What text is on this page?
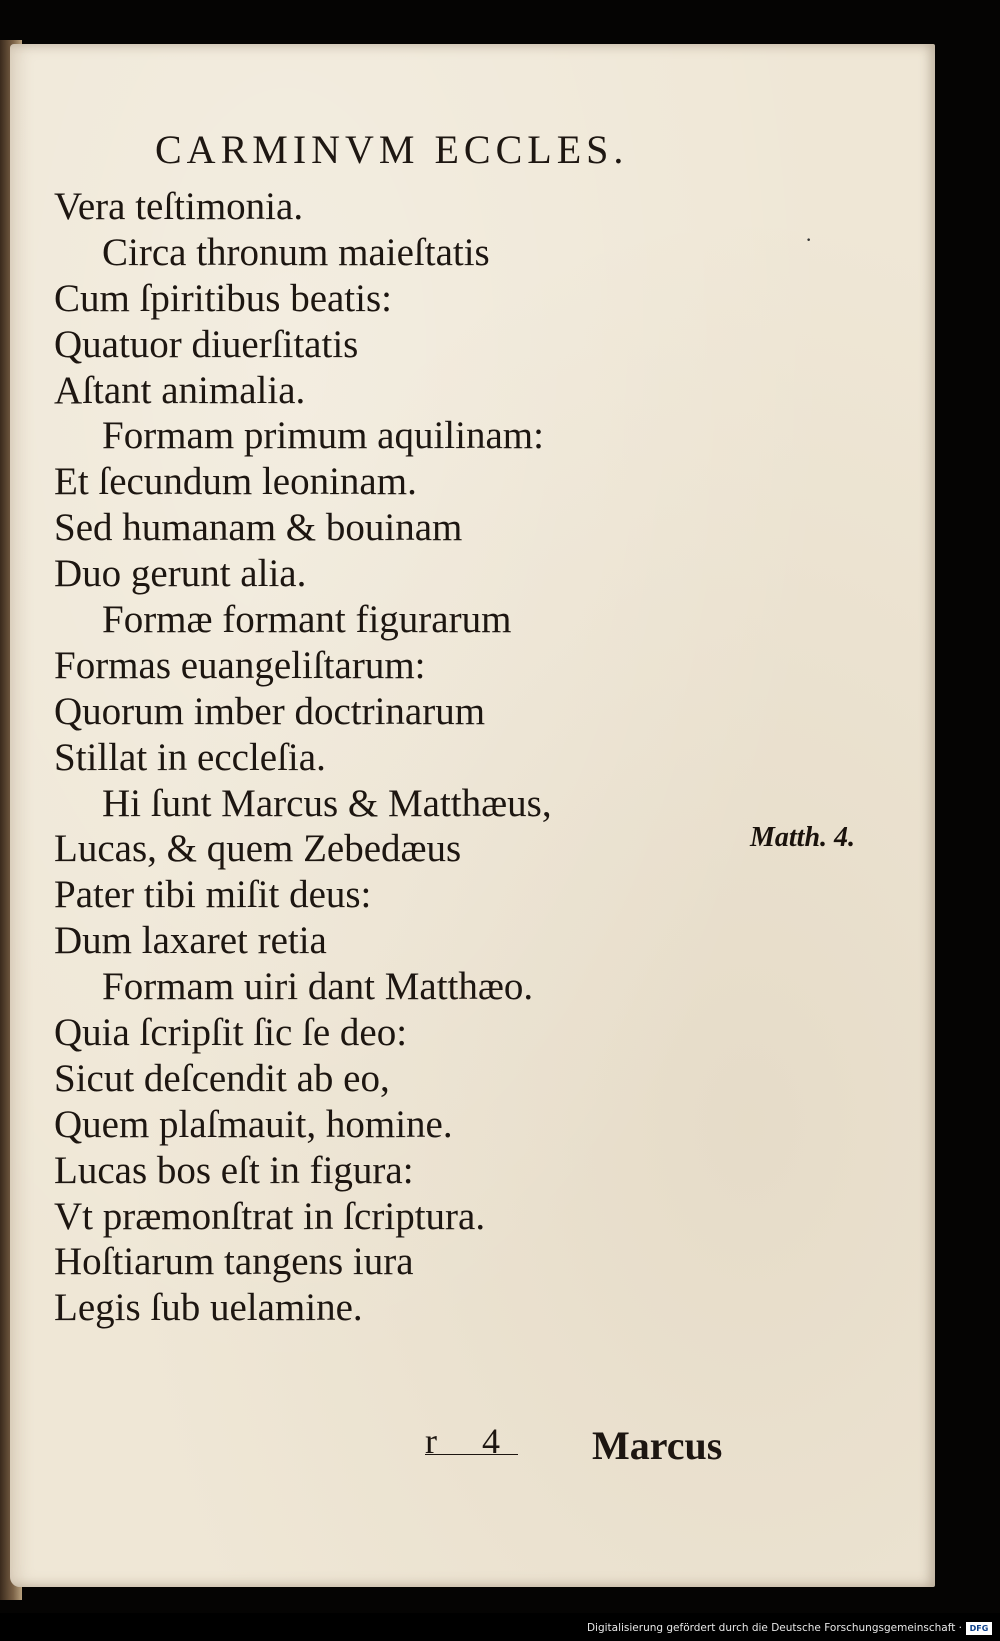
CARMINVM ECCLES.
·
Vera teſtimonia.
Circa thronum maieſtatis
Cum ſpiritibus beatis:
Quatuor diuerſitatis
Aſtant animalia.
Formam primum aquilinam:
Et ſecundum leoninam.
Sed humanam & bouinam
Duo gerunt alia.
Formæ formant figurarum
Formas euangeliſtarum:
Quorum imber doctrinarum
Stillat in eccleſia.
Hi ſunt Marcus & Matthæus,
Lucas, & quem Zebedæus
Pater tibi miſit deus:
Dum laxaret retia
Formam uiri dant Matthæo.
Quia ſcripſit ſic ſe deo:
Sicut deſcendit ab eo,
Quem plaſmauit, homine.
Lucas bos eſt in figura:
Vt præmonſtrat in ſcriptura.
Hoſtiarum tangens iura
Legis ſub uelamine.
Matth. 4.
r 4 Marcus
Digitalisierung gefördert durch die Deutsche Forschungsgemeinschaft · DFG
